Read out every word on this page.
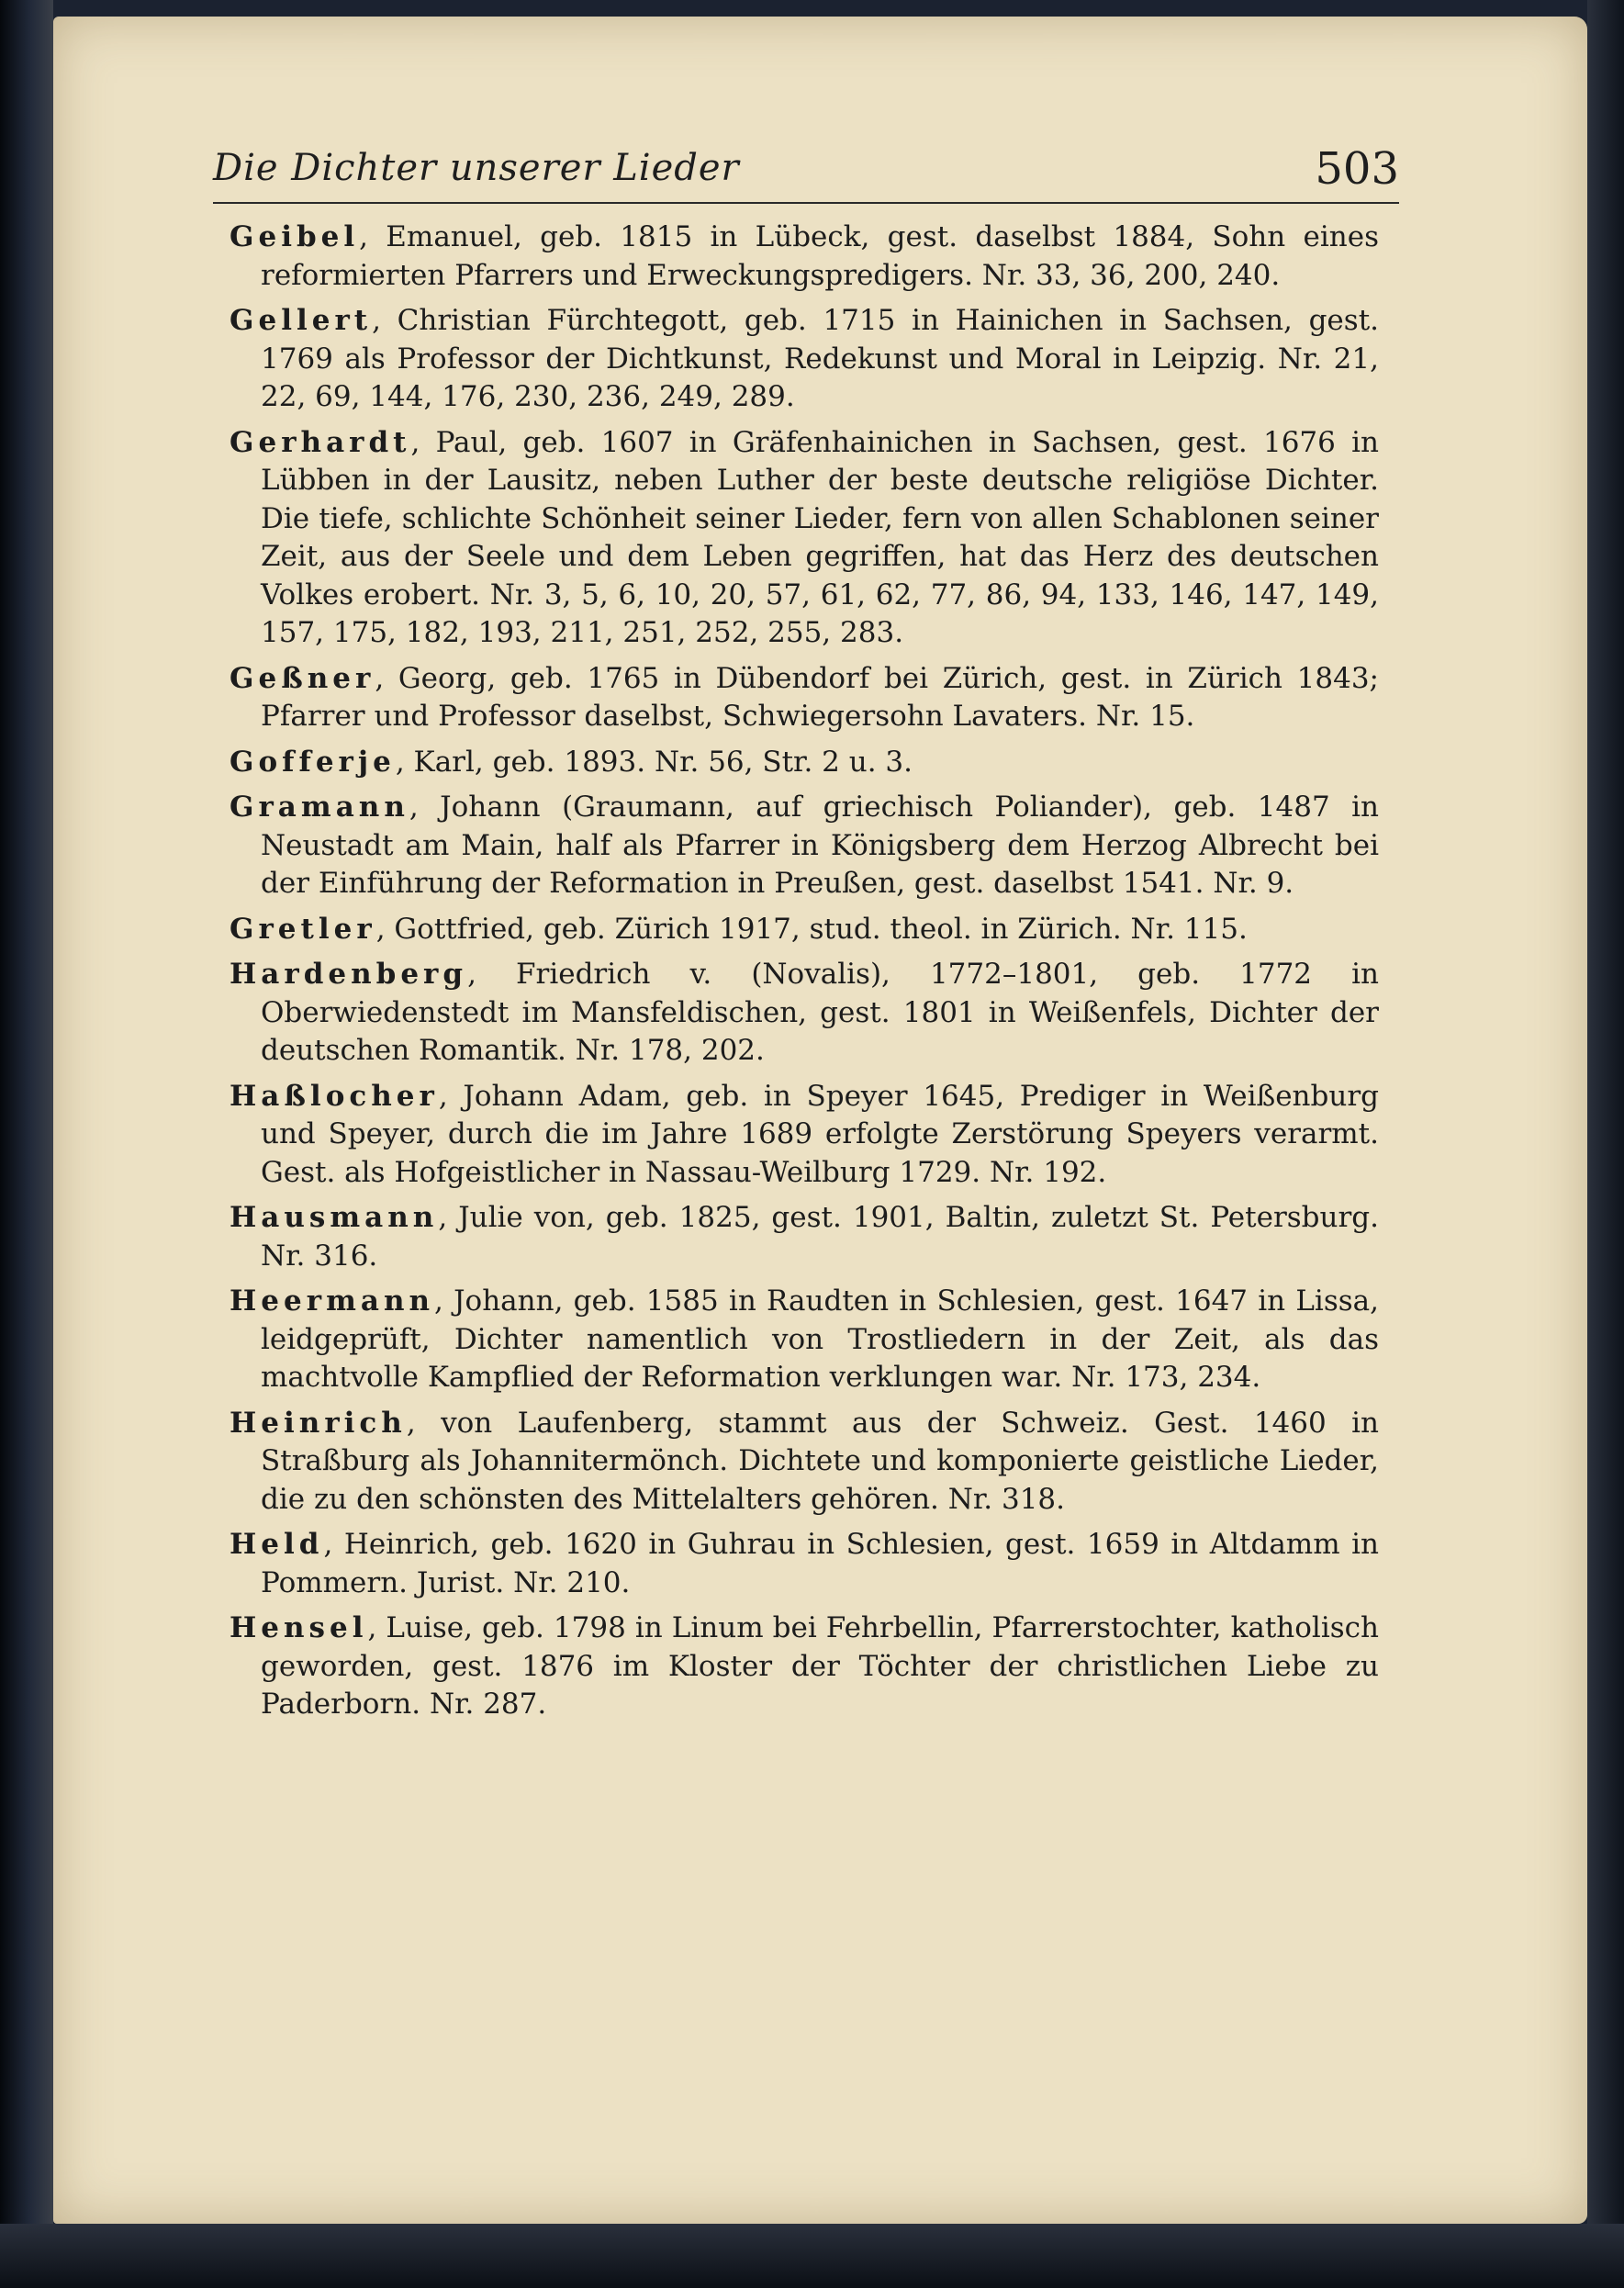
Die Dichter unserer Lieder	503

Geibel, Emanuel, geb. 1815 in Lübeck, gest. daselbst 1884, Sohn eines reformierten Pfarrers und Erweckungspredigers. Nr. 33, 36, 200, 240.

Gellert, Christian Fürchtegott, geb. 1715 in Hainichen in Sachsen, gest. 1769 als Professor der Dichtkunst, Redekunst und Moral in Leipzig. Nr. 21, 22, 69, 144, 176, 230, 236, 249, 289.

Gerhardt, Paul, geb. 1607 in Gräfenhainichen in Sachsen, gest. 1676 in Lübben in der Lausitz, neben Luther der beste deutsche religiöse Dichter. Die tiefe, schlichte Schönheit seiner Lieder, fern von allen Schablonen seiner Zeit, aus der Seele und dem Leben gegriffen, hat das Herz des deutschen Volkes erobert. Nr. 3, 5, 6, 10, 20, 57, 61, 62, 77, 86, 94, 133, 146, 147, 149, 157, 175, 182, 193, 211, 251, 252, 255, 283.

Geßner, Georg, geb. 1765 in Dübendorf bei Zürich, gest. in Zürich 1843; Pfarrer und Professor daselbst, Schwiegersohn Lavaters. Nr. 15.

Gofferje, Karl, geb. 1893. Nr. 56, Str. 2 u. 3.

Gramann, Johann (Graumann, auf griechisch Poliander), geb. 1487 in Neustadt am Main, half als Pfarrer in Königsberg dem Herzog Albrecht bei der Einführung der Reformation in Preußen, gest. daselbst 1541. Nr. 9.

Gretler, Gottfried, geb. Zürich 1917, stud. theol. in Zürich. Nr. 115.

Hardenberg, Friedrich v. (Novalis), 1772–1801, geb. 1772 in Oberwiedenstedt im Mansfeldischen, gest. 1801 in Weißenfels, Dichter der deutschen Romantik. Nr. 178, 202.

Haßlocher, Johann Adam, geb. in Speyer 1645, Prediger in Weißenburg und Speyer, durch die im Jahre 1689 erfolgte Zerstörung Speyers verarmt. Gest. als Hofgeistlicher in Nassau-Weilburg 1729. Nr. 192.

Hausmann, Julie von, geb. 1825, gest. 1901, Baltin, zuletzt St. Petersburg. Nr. 316.

Heermann, Johann, geb. 1585 in Raudten in Schlesien, gest. 1647 in Lissa, leidgeprüft, Dichter namentlich von Trostliedern in der Zeit, als das machtvolle Kampflied der Reformation verklungen war. Nr. 173, 234.

Heinrich, von Laufenberg, stammt aus der Schweiz. Gest. 1460 in Straßburg als Johannitermönch. Dichtete und komponierte geistliche Lieder, die zu den schönsten des Mittelalters gehören. Nr. 318.

Held, Heinrich, geb. 1620 in Guhrau in Schlesien, gest. 1659 in Altdamm in Pommern. Jurist. Nr. 210.

Hensel, Luise, geb. 1798 in Linum bei Fehrbellin, Pfarrerstochter, katholisch geworden, gest. 1876 im Kloster der Töchter der christlichen Liebe zu Paderborn. Nr. 287.
